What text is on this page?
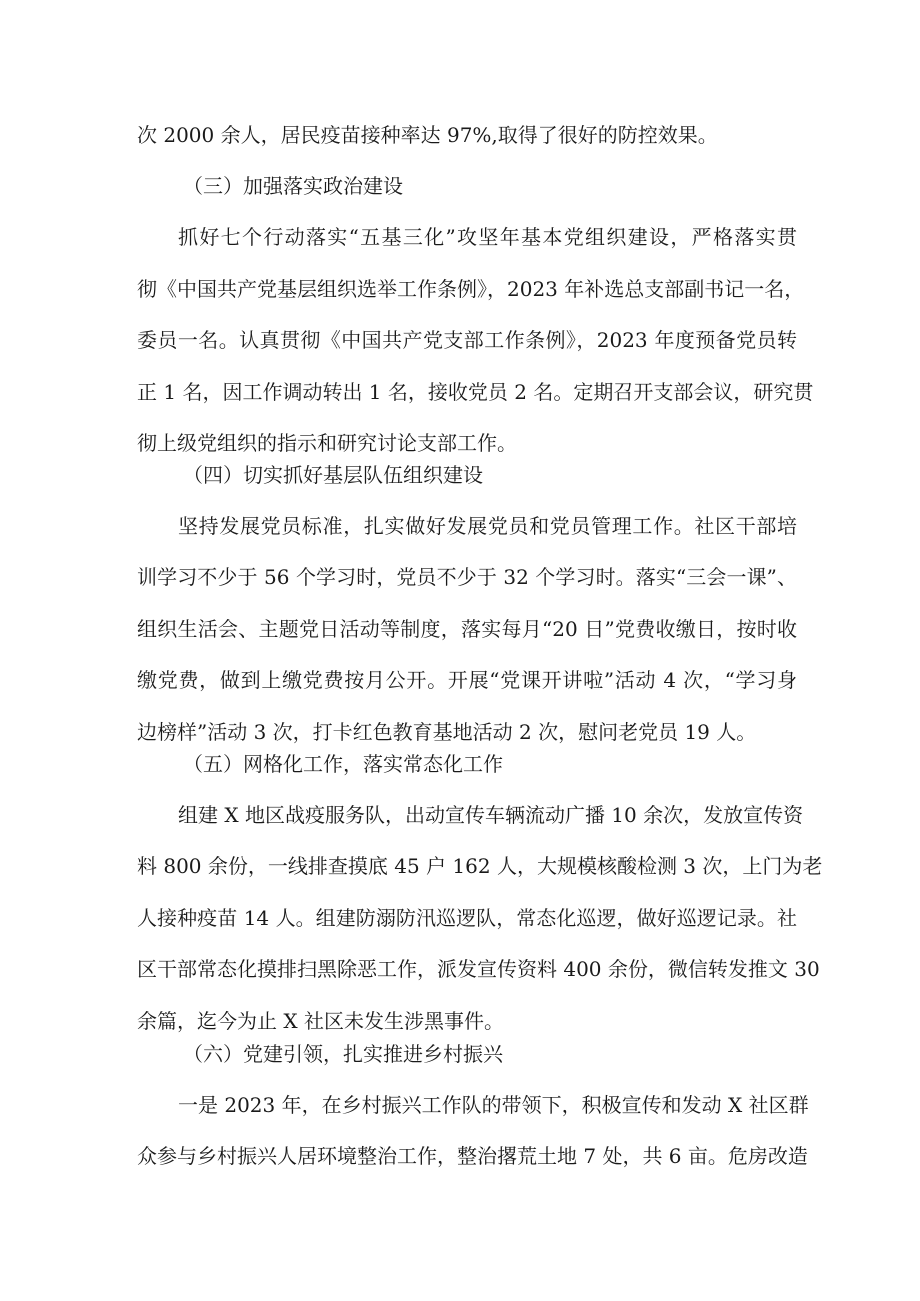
次 2000 余人，居民疫苗接种率达 97%,取得了很好的防控效果。
（三）加强落实政治建设
抓好七个行动落实“五基三化”攻坚年基本党组织建设，严格落实贯
彻《中国共产党基层组织选举工作条例》，2023 年补选总支部副书记一名，
委员一名。认真贯彻《中国共产党支部工作条例》，2023 年度预备党员转
正 1 名，因工作调动转出 1 名，接收党员 2 名。定期召开支部会议，研究贯
彻上级党组织的指示和研究讨论支部工作。
（四）切实抓好基层队伍组织建设
坚持发展党员标准，扎实做好发展党员和党员管理工作。社区干部培
训学习不少于 56 个学习时，党员不少于 32 个学习时。落实“三会一课”、
组织生活会、主题党日活动等制度，落实每月“20 日”党费收缴日，按时收
缴党费，做到上缴党费按月公开。开展“党课开讲啦”活动 4 次，“学习身
边榜样”活动 3 次，打卡红色教育基地活动 2 次，慰问老党员 19 人。
（五）网格化工作，落实常态化工作
组建 X 地区战疫服务队，出动宣传车辆流动广播 10 余次，发放宣传资
料 800 余份，一线排查摸底 45 户 162 人，大规模核酸检测 3 次，上门为老
人接种疫苗 14 人。组建防溺防汛巡逻队，常态化巡逻，做好巡逻记录。社
区干部常态化摸排扫黑除恶工作，派发宣传资料 400 余份，微信转发推文 30
余篇，迄今为止 X 社区未发生涉黑事件。
（六）党建引领，扎实推进乡村振兴
一是 2023 年，在乡村振兴工作队的带领下，积极宣传和发动 X 社区群
众参与乡村振兴人居环境整治工作，整治撂荒土地 7 处，共 6 亩。危房改造
